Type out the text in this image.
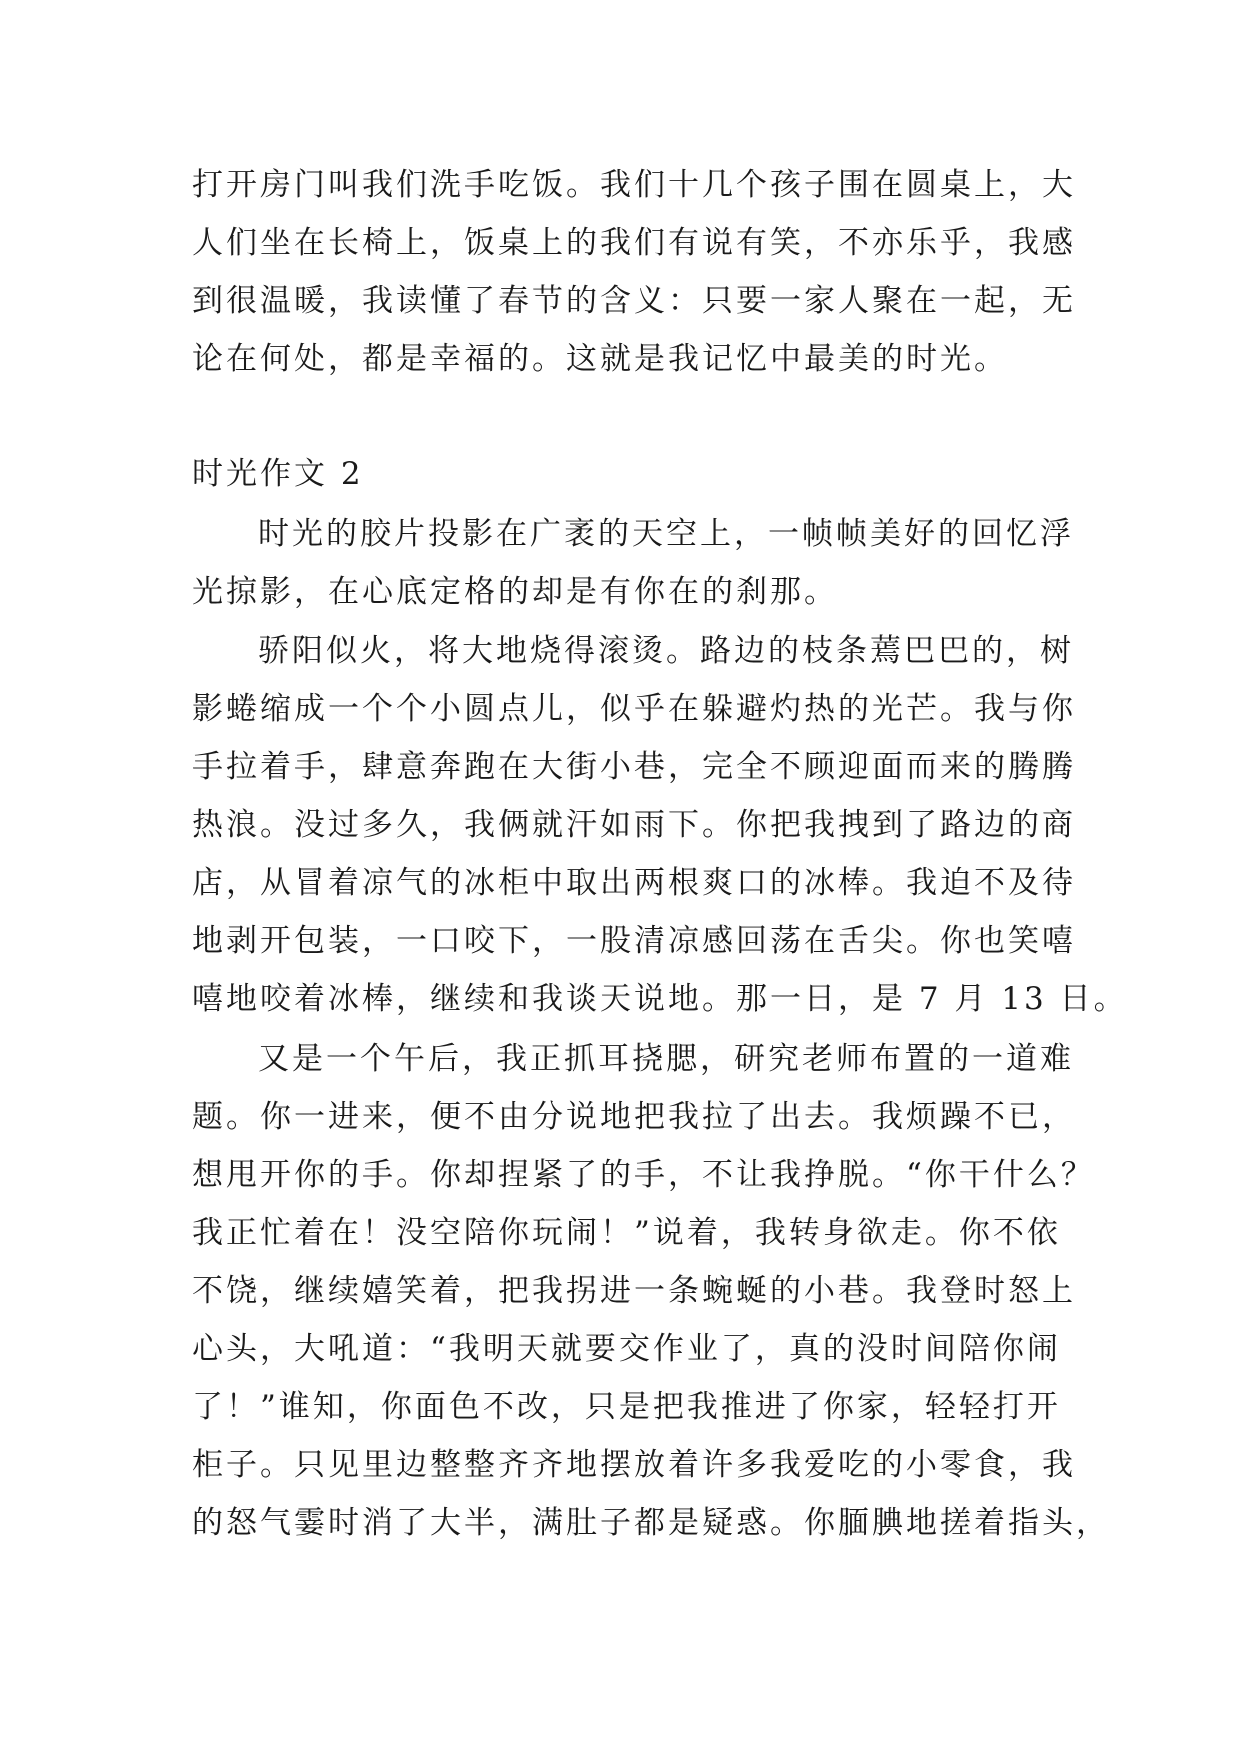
打开房门叫我们洗手吃饭。我们十几个孩子围在圆桌上，大
人们坐在长椅上，饭桌上的我们有说有笑，不亦乐乎，我感
到很温暖，我读懂了春节的含义：只要一家人聚在一起，无
论在何处，都是幸福的。这就是我记忆中最美的时光。
时光作文 2
时光的胶片投影在广袤的天空上，一帧帧美好的回忆浮
光掠影，在心底定格的却是有你在的刹那。
骄阳似火，将大地烧得滚烫。路边的枝条蔫巴巴的，树
影蜷缩成一个个小圆点儿，似乎在躲避灼热的光芒。我与你
手拉着手，肆意奔跑在大街小巷，完全不顾迎面而来的腾腾
热浪。没过多久，我俩就汗如雨下。你把我拽到了路边的商
店，从冒着凉气的冰柜中取出两根爽口的冰棒。我迫不及待
地剥开包装，一口咬下，一股清凉感回荡在舌尖。你也笑嘻
嘻地咬着冰棒，继续和我谈天说地。那一日，是 7 月 13 日。
又是一个午后，我正抓耳挠腮，研究老师布置的一道难
题。你一进来，便不由分说地把我拉了出去。我烦躁不已，
想甩开你的手。你却捏紧了的手，不让我挣脱。“你干什么？
我正忙着在！没空陪你玩闹！”说着，我转身欲走。你不依
不饶，继续嬉笑着，把我拐进一条蜿蜒的小巷。我登时怒上
心头，大吼道：“我明天就要交作业了，真的没时间陪你闹
了！”谁知，你面色不改，只是把我推进了你家，轻轻打开
柜子。只见里边整整齐齐地摆放着许多我爱吃的小零食，我
的怒气霎时消了大半，满肚子都是疑惑。你腼腆地搓着指头，
